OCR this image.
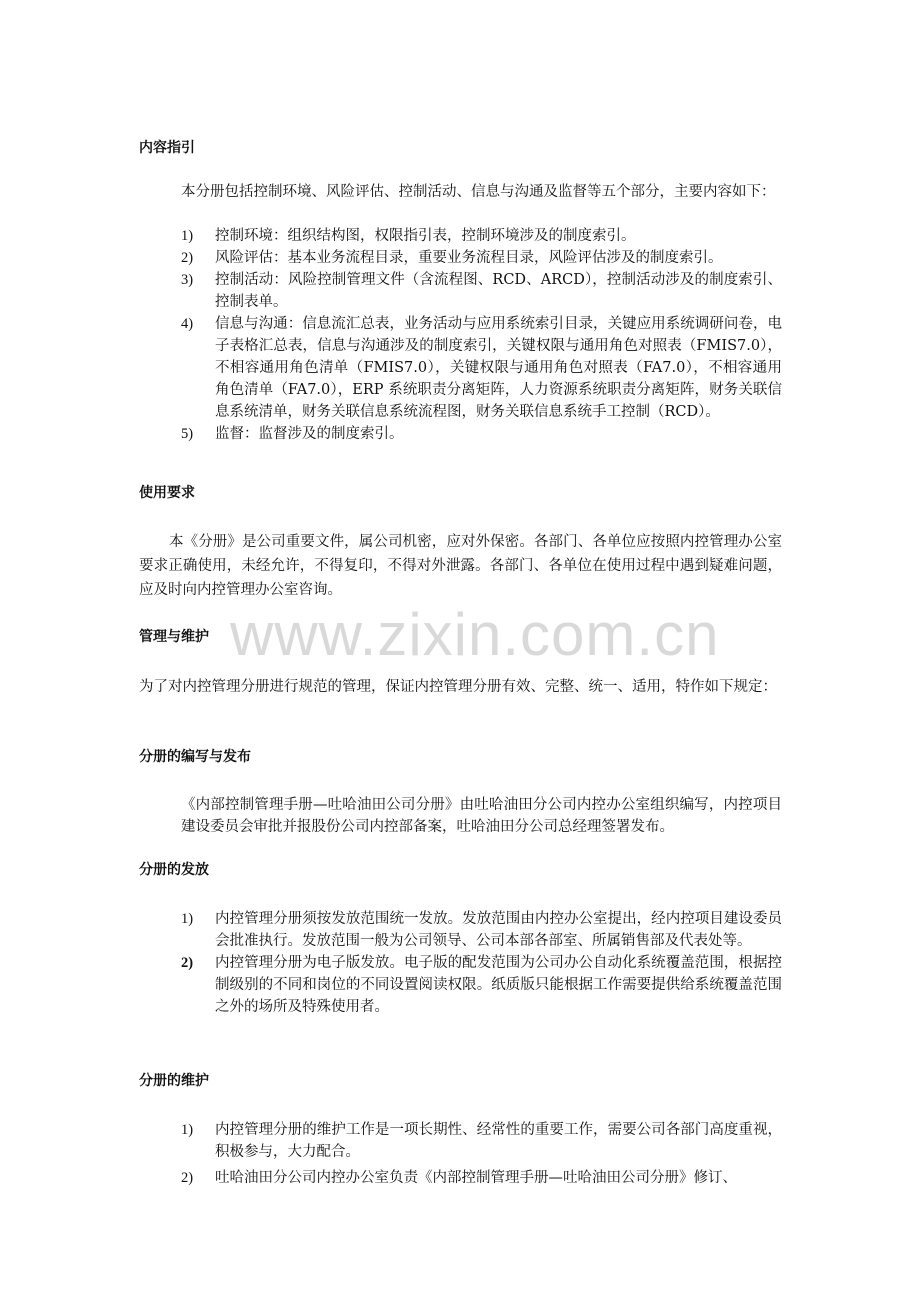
内容指引

本分册包括控制环境、风险评估、控制活动、信息与沟通及监督等五个部分，主要内容如下：

1) 控制环境：组织结构图，权限指引表，控制环境涉及的制度索引。
2) 风险评估：基本业务流程目录，重要业务流程目录，风险评估涉及的制度索引。
3) 控制活动：风险控制管理文件（含流程图、RCD、ARCD），控制活动涉及的制度索引、控制表单。
4) 信息与沟通：信息流汇总表，业务活动与应用系统索引目录，关键应用系统调研问卷，电子表格汇总表，信息与沟通涉及的制度索引，关键权限与通用角色对照表（FMIS7.0），不相容通用角色清单（FMIS7.0），关键权限与通用角色对照表（FA7.0），不相容通用角色清单（FA7.0），ERP 系统职责分离矩阵，人力资源系统职责分离矩阵，财务关联信息系统清单，财务关联信息系统流程图，财务关联信息系统手工控制（RCD）。
5) 监督：监督涉及的制度索引。
使用要求

本《分册》是公司重要文件，属公司机密，应对外保密。各部门、各单位应按照内控管理办公室要求正确使用，未经允许，不得复印，不得对外泄露。各部门、各单位在使用过程中遇到疑难问题，应及时向内控管理办公室咨询。

管理与维护

为了对内控管理分册进行规范的管理，保证内控管理分册有效、完整、统一、适用，特作如下规定：

分册的编写与发布

《内部控制管理手册—吐哈油田公司分册》由吐哈油田分公司内控办公室组织编写，内控项目建设委员会审批并报股份公司内控部备案，吐哈油田分公司总经理签署发布。

分册的发放
1) 内控管理分册须按发放范围统一发放。发放范围由内控办公室提出，经内控项目建设委员会批准执行。发放范围一般为公司领导、公司本部各部室、所属销售部及代表处等。
2) 内控管理分册为电子版发放。电子版的配发范围为公司办公自动化系统覆盖范围，根据控制级别的不同和岗位的不同设置阅读权限。纸质版只能根据工作需要提供给系统覆盖范围之外的场所及特殊使用者。
分册的维护
1) 内控管理分册的维护工作是一项长期性、经常性的重要工作，需要公司各部门高度重视，积极参与，大力配合。
2) 吐哈油田分公司内控办公室负责《内部控制管理手册—吐哈油田公司分册》修订、
www.zixin.com.cn
